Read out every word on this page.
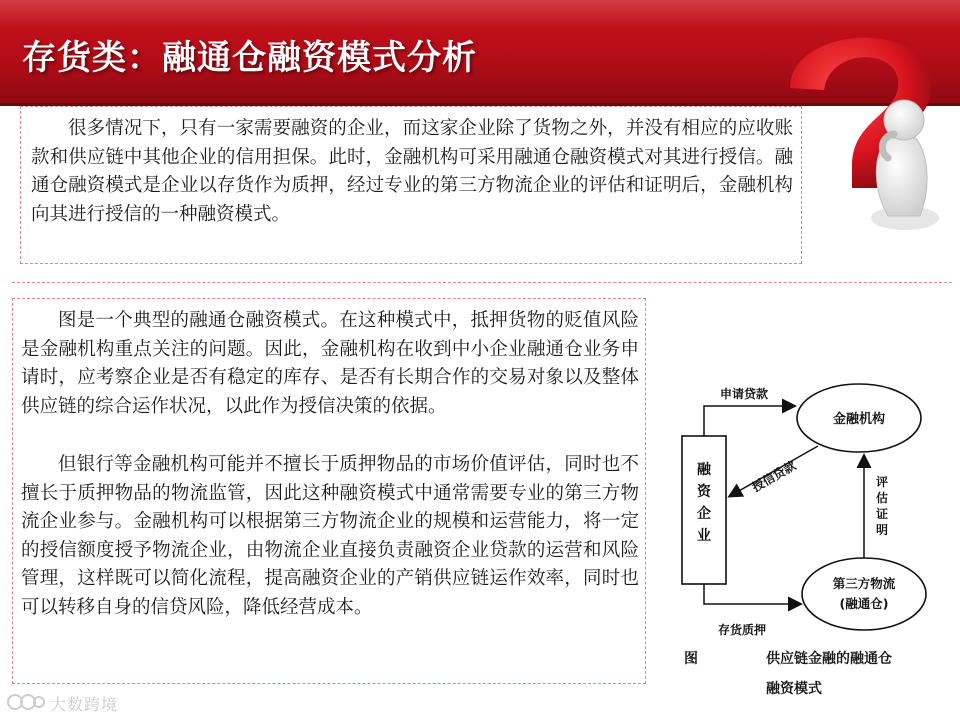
存货类：融通仓融资模式分析

很多情况下，只有一家需要融资的企业，而这家企业除了货物之外，并没有相应的应收账款和供应链中其他企业的信用担保。此时，金融机构可采用融通仓融资模式对其进行授信。融通仓融资模式是企业以存货作为质押，经过专业的第三方物流企业的评估和证明后，金融机构向其进行授信的一种融资模式。

图是一个典型的融通仓融资模式。在这种模式中，抵押货物的贬值风险是金融机构重点关注的问题。因此，金融机构在收到中小企业融通仓业务申请时，应考察企业是否有稳定的库存、是否有长期合作的交易对象以及整体供应链的综合运作状况，以此作为授信决策的依据。

但银行等金融机构可能并不擅长于质押物品的市场价值评估，同时也不擅长于质押物品的物流监管，因此这种融资模式中通常需要专业的第三方物流企业参与。金融机构可以根据第三方物流企业的规模和运营能力，将一定的授信额度授予物流企业，由物流企业直接负责融资企业贷款的运营和风险管理，这样既可以简化流程，提高融资企业的产销供应链运作效率，同时也可以转移自身的信贷风险，降低经营成本。

融
资
企
业
金融机构
第三方物流
(融通仓)
申请贷款
授信贷款
存货质押
评
估
证
明
图	供应链金融的融通仓
融资模式
大数跨境
